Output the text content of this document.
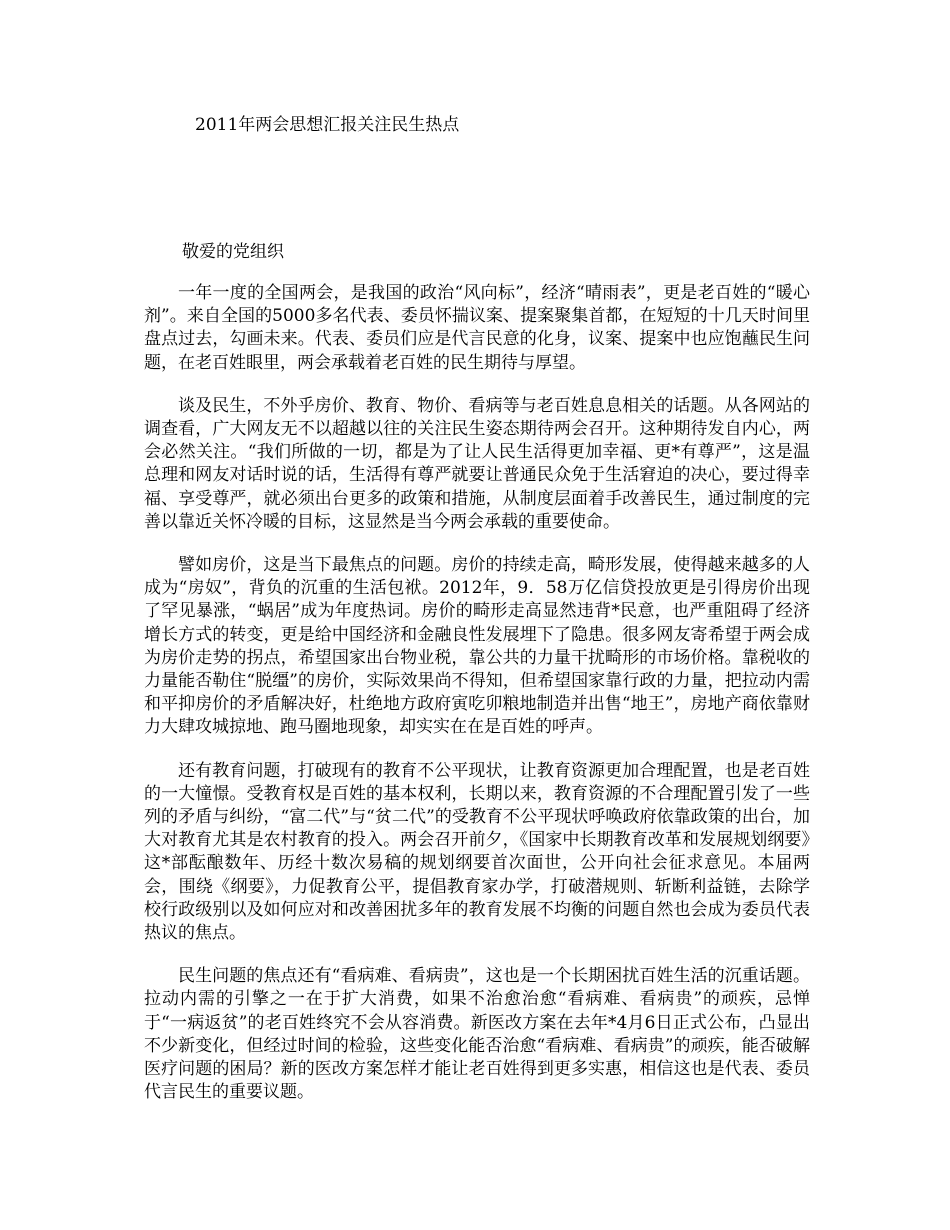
2011年两会思想汇报关注民生热点
敬爱的党组织

一年一度的全国两会，是我国的政治“风向标”，经济“晴雨表”，更是老百姓的“暖心剂”。来自全国的5000多名代表、委员怀揣议案、提案聚集首都，在短短的十几天时间里盘点过去，勾画未来。代表、委员们应是代言民意的化身，议案、提案中也应饱蘸民生问题，在老百姓眼里，两会承载着老百姓的民生期待与厚望。

谈及民生，不外乎房价、教育、物价、看病等与老百姓息息相关的话题。从各网站的调查看，广大网友无不以超越以往的关注民生姿态期待两会召开。这种期待发自内心，两会必然关注。“我们所做的一切，都是为了让人民生活得更加幸福、更*有尊严”，这是温总理和网友对话时说的话，生活得有尊严就要让普通民众免于生活窘迫的决心，要过得幸福、享受尊严，就必须出台更多的政策和措施，从制度层面着手改善民生，通过制度的完善以靠近关怀冷暖的目标，这显然是当今两会承载的重要使命。

譬如房价，这是当下最焦点的问题。房价的持续走高，畸形发展，使得越来越多的人成为“房奴”，背负的沉重的生活包袱。2012年，9．58万亿信贷投放更是引得房价出现了罕见暴涨，“蜗居”成为年度热词。房价的畸形走高显然违背*民意，也严重阻碍了经济增长方式的转变，更是给中国经济和金融良性发展埋下了隐患。很多网友寄希望于两会成为房价走势的拐点，希望国家出台物业税，靠公共的力量干扰畸形的市场价格。靠税收的力量能否勒住“脱缰”的房价，实际效果尚不得知，但希望国家靠行政的力量，把拉动内需和平抑房价的矛盾解决好，杜绝地方政府寅吃卯粮地制造并出售“地王”，房地产商依靠财力大肆攻城掠地、跑马圈地现象，却实实在在是百姓的呼声。

还有教育问题，打破现有的教育不公平现状，让教育资源更加合理配置，也是老百姓的一大憧憬。受教育权是百姓的基本权利，长期以来，教育资源的不合理配置引发了一些列的矛盾与纠纷，“富二代”与“贫二代”的受教育不公平现状呼唤政府依靠政策的出台，加大对教育尤其是农村教育的投入。两会召开前夕，《国家中长期教育改革和发展规划纲要》这*部酝酿数年、历经十数次易稿的规划纲要首次面世，公开向社会征求意见。本届两会，围绕《纲要》，力促教育公平，提倡教育家办学，打破潜规则、斩断利益链，去除学校行政级别以及如何应对和改善困扰多年的教育发展不均衡的问题自然也会成为委员代表热议的焦点。

民生问题的焦点还有“看病难、看病贵”，这也是一个长期困扰百姓生活的沉重话题。拉动内需的引擎之一在于扩大消费，如果不治愈治愈“看病难、看病贵”的顽疾，忌惮于“一病返贫”的老百姓终究不会从容消费。新医改方案在去年*4月6日正式公布，凸显出不少新变化，但经过时间的检验，这些变化能否治愈“看病难、看病贵”的顽疾，能否破解医疗问题的困局？新的医改方案怎样才能让老百姓得到更多实惠，相信这也是代表、委员代言民生的重要议题。
